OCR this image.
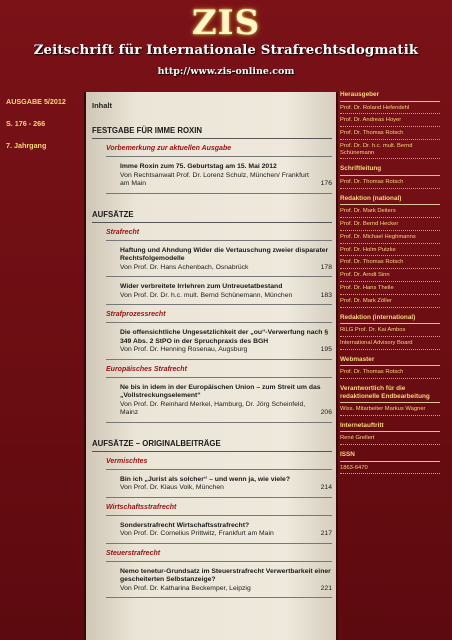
ZIS
Zeitschrift für Internationale Strafrechtsdogmatik
http://www.zis-online.com
AUSGABE 5/2012
S. 176 - 266
7. Jahrgang
Inhalt
FESTGABE FÜR IMME ROXIN
Vorbemerkung zur aktuellen Ausgabe
Imme Roxin zum 75. Geburtstag am 15. Mai 2012
Von Rechtsanwalt Prof. Dr. Lorenz Schulz, München/ Frankfurt am Main	176
AUFSÄTZE
Strafrecht
Haftung und Ahndung Wider die Vertauschung zweier disparater Rechtsfolgemodelle
Von Prof. Dr. Hans Achenbach, Osnabrück	178
Wider verbreitete Irrlehren zum Untreuetatbestand
Von Prof. Dr. Dr. h.c. mult. Bernd Schünemann, München	183
Strafprozessrecht
Die offensichtliche Ungesetzlichkeit der „ou“-Verwerfung nach § 349 Abs. 2 StPO in der Spruchpraxis des BGH
Von Prof. Dr. Henning Rosenau, Augsburg	195
Europäisches Strafrecht
Ne bis in idem in der Europäischen Union – zum Streit um das „Vollstreckungselement“
Von Prof. Dr. Reinhard Merkel, Hamburg, Dr. Jörg Scheinfeld, Mainz	206
AUFSÄTZE – ORIGINALBEITRÄGE
Vermischtes
Bin ich „Jurist als solcher“ – und wenn ja, wie viele?
Von Prof. Dr. Klaus Volk, München	214
Wirtschaftsstrafrecht
Sonderstrafrecht Wirtschaftsstrafrecht?
Von Prof. Dr. Cornelius Prittwitz, Frankfurt am Main	217
Steuerstrafrecht
Nemo tenetur-Grundsatz im Steuerstrafrecht Verwertbarkeit einer gescheiterten Selbstanzeige?
Von Prof. Dr. Katharina Beckemper, Leipzig	221
Herausgeber
Prof. Dr. Roland Hefendehl
Prof. Dr. Andreas Hoyer
Prof. Dr. Thomas Rotsch
Prof. Dr. Dr. h.c. mult. Bernd Schünemann
Schriftleitung
Prof. Dr. Thomas Rotsch
Redaktion (national)
Prof. Dr. Mark Deiters
Prof. Dr. Bernd Hecker
Prof. Dr. Michael Heghmanns
Prof. Dr. Holm Putzke
Prof. Dr. Thomas Rotsch
Prof. Dr. Arndt Sinn
Prof. Dr. Hans Theile
Prof. Dr. Mark Zöller
Redaktion (international)
RiLG Prof. Dr. Kai Ambos
International Advisory Board
Webmaster
Prof. Dr. Thomas Rotsch
Verantwortlich für die redaktionelle Endbearbeitung
Wiss. Mitarbeiter Markus Wagner
Internetauftritt
René Grellert
ISSN
1863-6470
